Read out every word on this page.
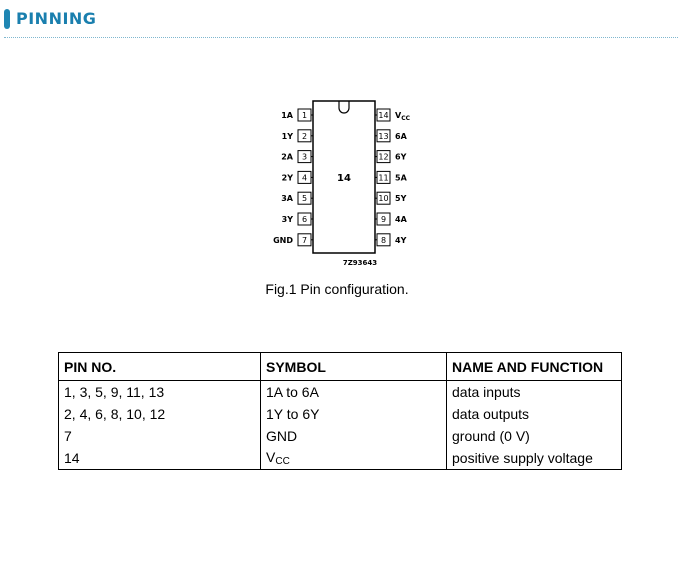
PINNING
14
7Z93643
1
1A
2
1Y
3
2A
4
2Y
5
3A
6
3Y
7
GND
14 $V_{CC}$
13 6A
12 6Y
11 5A
10 5Y
9 4A
8 4Y
Fig.1 Pin configuration.
PIN NO.	SYMBOL	NAME AND FUNCTION
1, 3, 5, 9, 11, 13	1A to 6A	data inputs
2, 4, 6, 8, 10, 12	1Y to 6Y	data outputs
7	GND	ground (0 V)
14	$V_{CC}$	positive supply voltage
